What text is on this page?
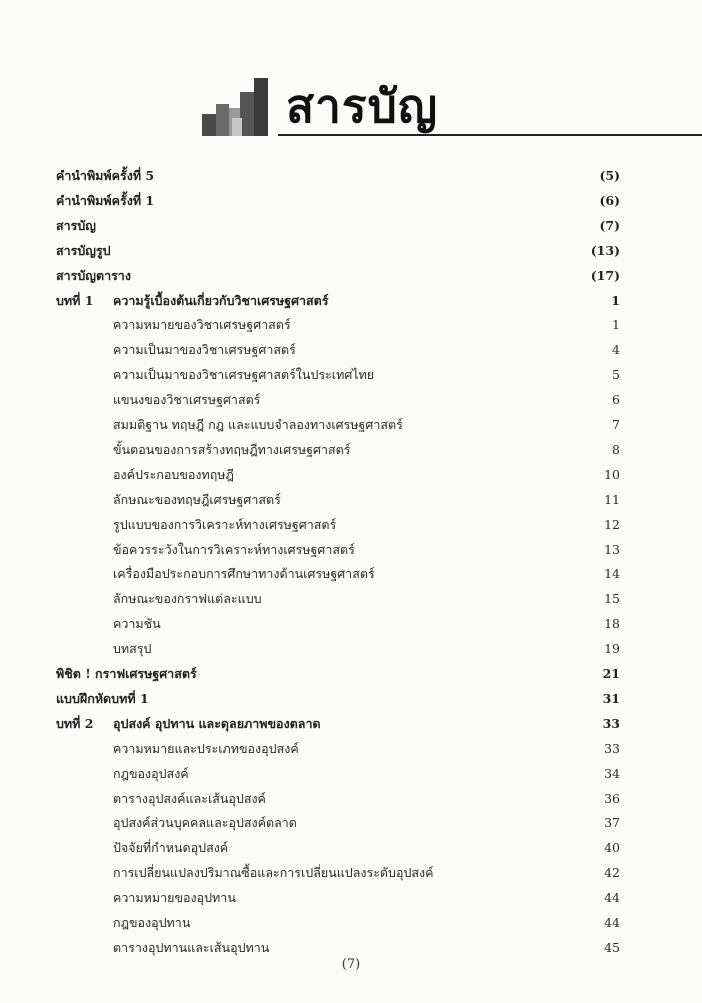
สารบัญ
คำนำพิมพ์ครั้งที่ 5	(5)
คำนำพิมพ์ครั้งที่ 1	(6)
สารบัญ	(7)
สารบัญรูป	(13)
สารบัญตาราง	(17)
บทที่ 1 ความรู้เบื้องต้นเกี่ยวกับวิชาเศรษฐศาสตร์	1
ความหมายของวิชาเศรษฐศาสตร์	1
ความเป็นมาของวิชาเศรษฐศาสตร์	4
ความเป็นมาของวิชาเศรษฐศาสตร์ในประเทศไทย	5
แขนงของวิชาเศรษฐศาสตร์	6
สมมติฐาน ทฤษฎี กฎ และแบบจำลองทางเศรษฐศาสตร์	7
ขั้นตอนของการสร้างทฤษฎีทางเศรษฐศาสตร์	8
องค์ประกอบของทฤษฎี	10
ลักษณะของทฤษฎีเศรษฐศาสตร์	11
รูปแบบของการวิเคราะห์ทางเศรษฐศาสตร์	12
ข้อควรระวังในการวิเคราะห์ทางเศรษฐศาสตร์	13
เครื่องมือประกอบการศึกษาทางด้านเศรษฐศาสตร์	14
ลักษณะของกราฟแต่ละแบบ	15
ความชัน	18
บทสรุป	19
พิชิต ! กราฟเศรษฐศาสตร์	21
แบบฝึกหัดบทที่ 1	31
บทที่ 2 อุปสงค์ อุปทาน และดุลยภาพของตลาด	33
ความหมายและประเภทของอุปสงค์	33
กฎของอุปสงค์	34
ตารางอุปสงค์และเส้นอุปสงค์	36
อุปสงค์ส่วนบุคคลและอุปสงค์ตลาด	37
ปัจจัยที่กำหนดอุปสงค์	40
การเปลี่ยนแปลงปริมาณซื้อและการเปลี่ยนแปลงระดับอุปสงค์	42
ความหมายของอุปทาน	44
กฎของอุปทาน	44
ตารางอุปทานและเส้นอุปทาน	45
(7)
